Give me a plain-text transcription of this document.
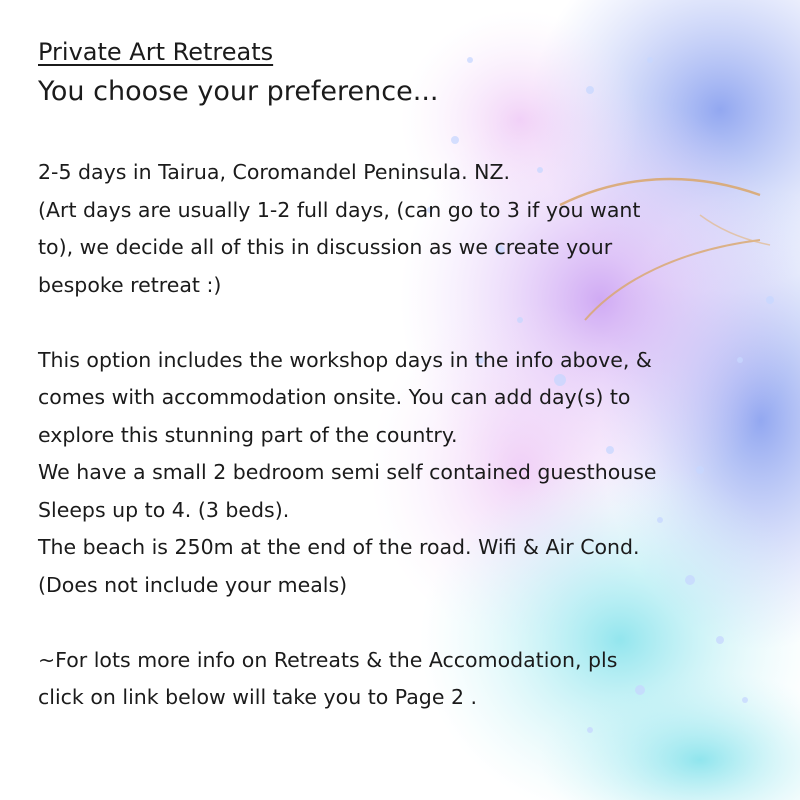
Private Art Retreats
You choose your preference...

2-5 days in Tairua, Coromandel Peninsula. NZ.
(Art days are usually 1-2 full days, (can go to 3 if you want
to), we decide all of this in discussion as we create your
bespoke retreat :)

This option includes the workshop days in the info above, &
comes with accommodation onsite. You can add day(s) to
explore this stunning part of the country.
We have a small 2 bedroom semi self contained guesthouse
Sleeps up to 4. (3 beds).
The beach is 250m at the end of the road. Wifi & Air Cond.
(Does not include your meals)

~For lots more info on Retreats & the Accomodation, pls
click on link below will take you to Page 2 .
